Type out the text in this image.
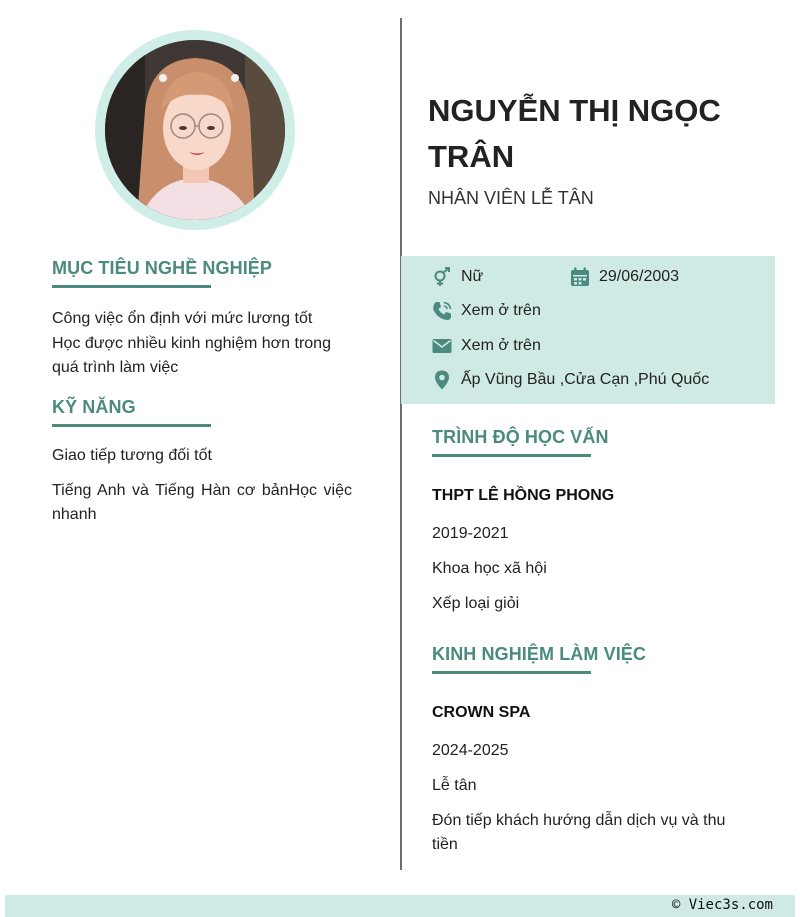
MỤC TIÊU NGHỀ NGHIỆP
Công việc ổn định với mức lương tốt
Học được nhiều kinh nghiệm hơn trong quá trình làm việc
KỸ NĂNG
Giao tiếp tương đối tốt
Tiếng Anh và Tiếng Hàn cơ bảnHọc việc nhanh
NGUYỄN THỊ NGỌC TRÂN
NHÂN VIÊN LỄ TÂN
Nữ	29/06/2003
Xem ở trên
Xem ở trên
Ấp Vũng Bầu ,Cửa Cạn ,Phú Quốc
TRÌNH ĐỘ HỌC VẤN
THPT LÊ HỒNG PHONG
2019-2021
Khoa học xã hội
Xếp loại giỏi
KINH NGHIỆM LÀM VIỆC
CROWN SPA
2024-2025
Lễ tân
Đón tiếp khách hướng dẫn dịch vụ và thu tiền
© Viec3s.com
